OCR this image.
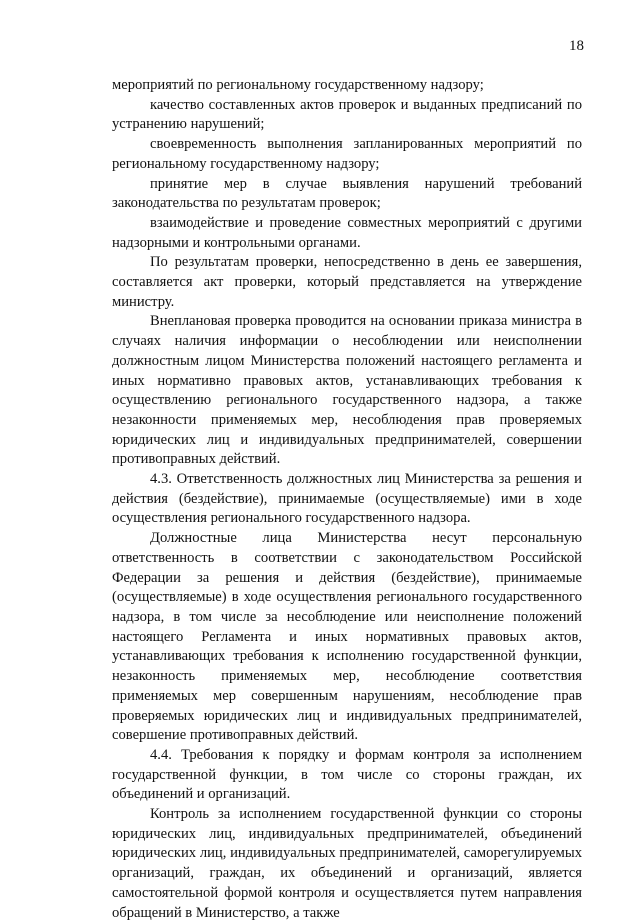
18

мероприятий по региональному государственному надзору;

качество составленных актов проверок и выданных предписаний по устранению нарушений;

своевременность выполнения запланированных мероприятий по региональному государственному надзору;

принятие мер в случае выявления нарушений требований законодательства по результатам проверок;

взаимодействие и проведение совместных мероприятий с другими надзорными и контрольными органами.

По результатам проверки, непосредственно в день ее завершения, составляется акт проверки, который представляется на утверждение министру.

Внеплановая проверка проводится на основании приказа министра в случаях наличия информации о несоблюдении или неисполнении должностным лицом Министерства положений настоящего регламента и иных нормативно правовых актов, устанавливающих требования к осуществлению регионального государственного надзора, а также незаконности применяемых мер, несоблюдения прав проверяемых юридических лиц и индивидуальных предпринимателей, совершении противоправных действий.

4.3. Ответственность должностных лиц Министерства за решения и действия (бездействие), принимаемые (осуществляемые) ими в ходе осуществления регионального государственного надзора.

Должностные лица Министерства несут персональную ответственность в соответствии с законодательством Российской Федерации за решения и действия (бездействие), принимаемые (осуществляемые) в ходе осуществления регионального государственного надзора, в том числе за несоблюдение или неисполнение положений настоящего Регламента и иных нормативных правовых актов, устанавливающих требования к исполнению государственной функции, незаконность применяемых мер, несоблюдение соответствия применяемых мер совершенным нарушениям, несоблюдение прав проверяемых юридических лиц и индивидуальных предпринимателей, совершение противоправных действий.

4.4. Требования к порядку и формам контроля за исполнением государственной функции, в том числе со стороны граждан, их объединений и организаций.

Контроль за исполнением государственной функции со стороны юридических лиц, индивидуальных предпринимателей, объединений юридических лиц, индивидуальных предпринимателей, саморегулируемых организаций, граждан, их объединений и организаций, является самостоятельной формой контроля и осуществляется путем направления обращений в Министерство, а также
